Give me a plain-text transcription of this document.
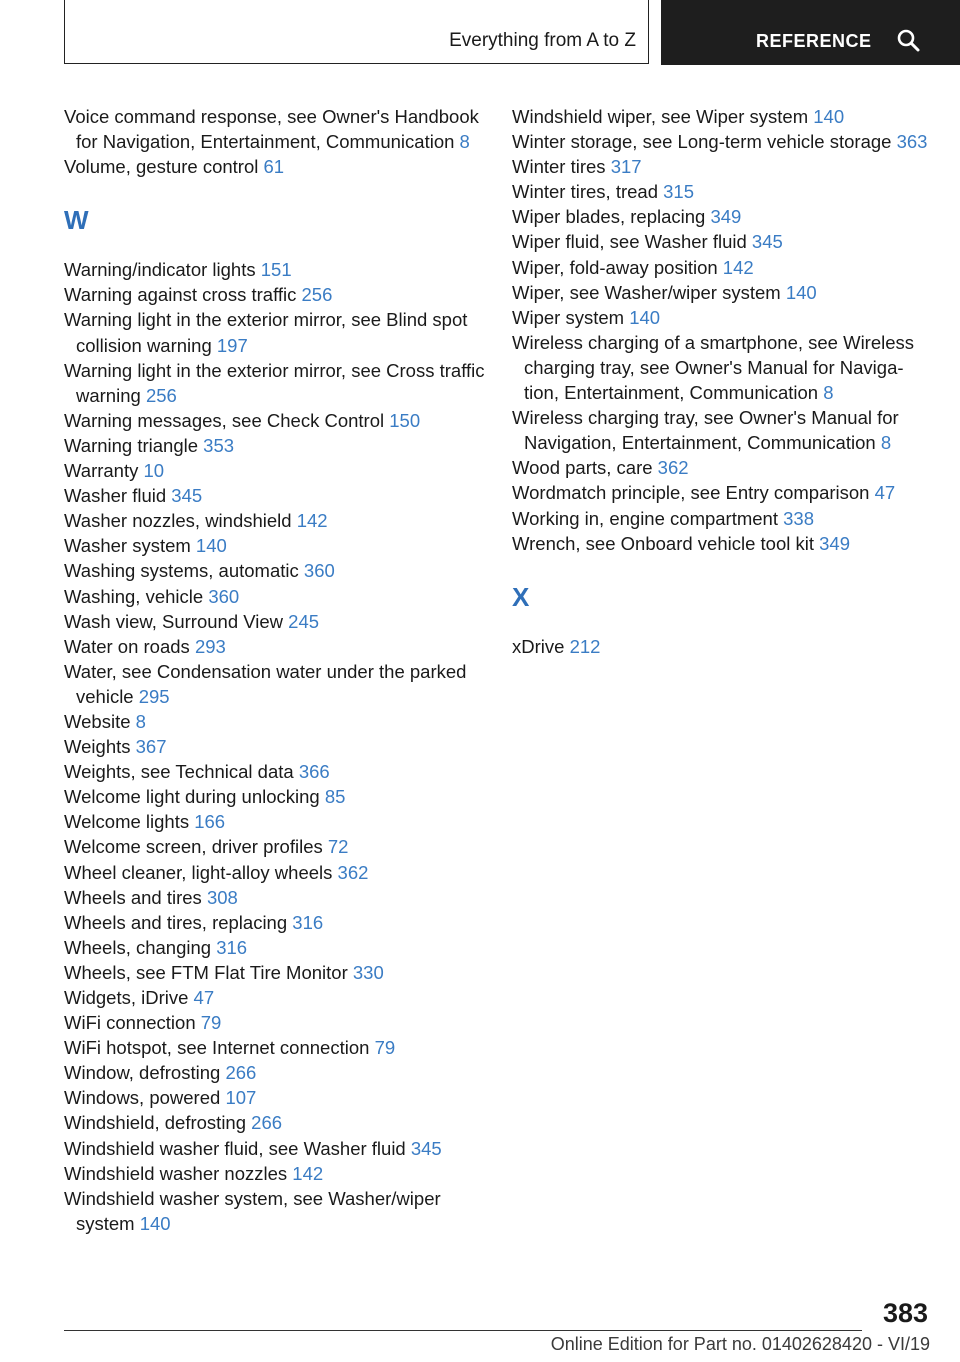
Everything from A to Z	REFERENCE
Voice command response, see Owner's Handbook for Navigation, Entertainment, Communication 8
Volume, gesture control 61
W
Warning/indicator lights 151
Warning against cross traffic 256
Warning light in the exterior mirror, see Blind spot collision warning 197
Warning light in the exterior mirror, see Cross traffic warning 256
Warning messages, see Check Control 150
Warning triangle 353
Warranty 10
Washer fluid 345
Washer nozzles, windshield 142
Washer system 140
Washing systems, automatic 360
Washing, vehicle 360
Wash view, Surround View 245
Water on roads 293
Water, see Condensation water under the parked vehicle 295
Website 8
Weights 367
Weights, see Technical data 366
Welcome light during unlocking 85
Welcome lights 166
Welcome screen, driver profiles 72
Wheel cleaner, light-alloy wheels 362
Wheels and tires 308
Wheels and tires, replacing 316
Wheels, changing 316
Wheels, see FTM Flat Tire Monitor 330
Widgets, iDrive 47
WiFi connection 79
WiFi hotspot, see Internet connection 79
Window, defrosting 266
Windows, powered 107
Windshield, defrosting 266
Windshield washer fluid, see Washer fluid 345
Windshield washer nozzles 142
Windshield washer system, see Washer/wiper system 140
Windshield wiper, see Wiper system 140
Winter storage, see Long-term vehicle storage 363
Winter tires 317
Winter tires, tread 315
Wiper blades, replacing 349
Wiper fluid, see Washer fluid 345
Wiper, fold-away position 142
Wiper, see Washer/wiper system 140
Wiper system 140
Wireless charging of a smartphone, see Wireless charging tray, see Owner's Manual for Navigation, Entertainment, Communication 8
Wireless charging tray, see Owner's Manual for Navigation, Entertainment, Communication 8
Wood parts, care 362
Wordmatch principle, see Entry comparison 47
Working in, engine compartment 338
Wrench, see Onboard vehicle tool kit 349
X
xDrive 212
383
Online Edition for Part no. 01402628420 - VI/19
